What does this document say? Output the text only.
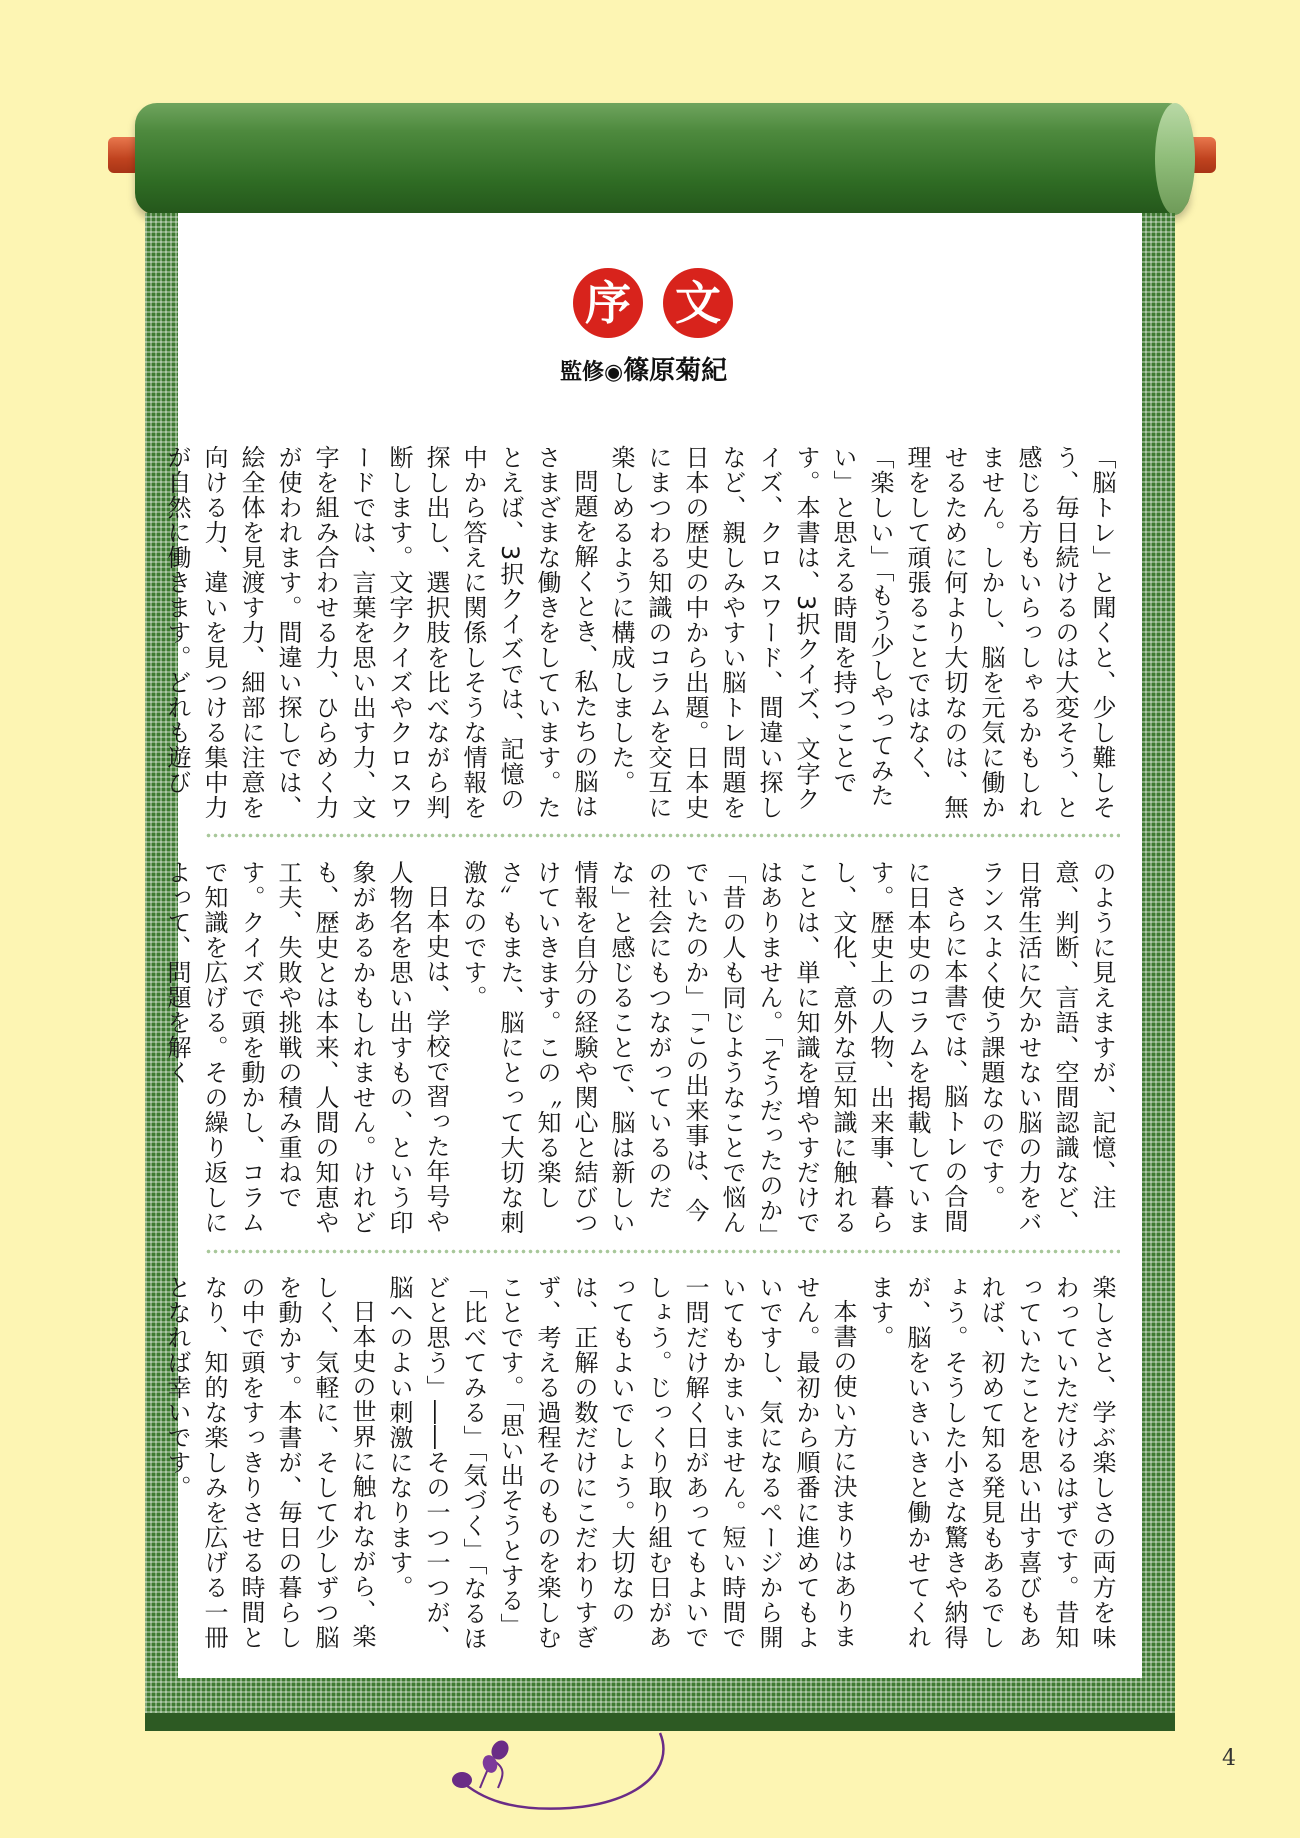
序 文
監修◉篠原菊紀

「脳トレ」と聞くと、少し難しそう、毎日続けるのは大変そう、と感じる方もいらっしゃるかもしれません。しかし、脳を元気に働かせるために何より大切なのは、無理をして頑張ることではなく、「楽しい」「もう少しやってみたい」と思える時間を持つことです。本書は、3択クイズ、文字クイズ、クロスワード、間違い探しなど、親しみやすい脳トレ問題を日本の歴史の中から出題。日本史にまつわる知識のコラムを交互に楽しめるように構成しました。

問題を解くとき、私たちの脳はさまざまな働きをしています。たとえば、3択クイズでは、記憶の中から答えに関係しそうな情報を探し出し、選択肢を比べながら判断します。文字クイズやクロスワードでは、言葉を思い出す力、文字を組み合わせる力、ひらめく力が使われます。間違い探しでは、絵全体を見渡す力、細部に注意を向ける力、違いを見つける集中力が自然に働きます。どれも遊び

のように見えますが、記憶、注意、判断、言語、空間認識など、日常生活に欠かせない脳の力をバランスよく使う課題なのです。

さらに本書では、脳トレの合間に日本史のコラムを掲載しています。歴史上の人物、出来事、暮らし、文化、意外な豆知識に触れることは、単に知識を増やすだけではありません。「そうだったのか」「昔の人も同じようなことで悩んでいたのか」「この出来事は、今の社会にもつながっているのだな」と感じることで、脳は新しい情報を自分の経験や関心と結びつけていきます。この〝知る楽しさ〟もまた、脳にとって大切な刺激なのです。

日本史は、学校で習った年号や人物名を思い出すもの、という印象があるかもしれません。けれども、歴史とは本来、人間の知恵や工夫、失敗や挑戦の積み重ねです。クイズで頭を動かし、コラムで知識を広げる。その繰り返しによって、問題を解く

楽しさと、学ぶ楽しさの両方を味わっていただけるはずです。昔知っていたことを思い出す喜びもあれば、初めて知る発見もあるでしょう。そうした小さな驚きや納得が、脳をいきいきと働かせてくれます。

本書の使い方に決まりはありません。最初から順番に進めてもよいですし、気になるページから開いてもかまいません。短い時間で一問だけ解く日があってもよいでしょう。じっくり取り組む日があってもよいでしょう。大切なのは、正解の数だけにこだわりすぎず、考える過程そのものを楽しむことです。「思い出そうとする」「比べてみる」「気づく」「なるほどと思う」――その一つ一つが、脳へのよい刺激になります。

日本史の世界に触れながら、楽しく、気軽に、そして少しずつ脳を動かす。本書が、毎日の暮らしの中で頭をすっきりさせる時間となり、知的な楽しみを広げる一冊となれば幸いです。

4
